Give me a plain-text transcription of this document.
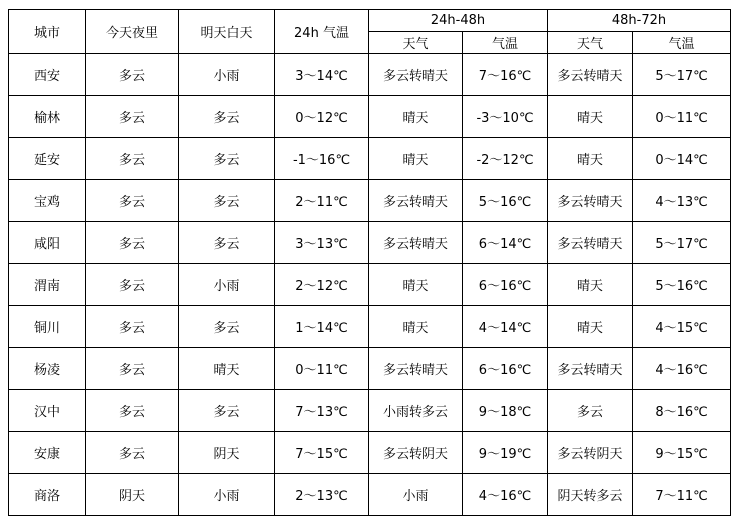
城市	今天夜里	明天白天	24h 气温	24h-48h		48h-72h	
				天气	气温	天气	气温
西安	多云	小雨	3～14℃	多云转晴天	7～16℃	多云转晴天	5～17℃
榆林	多云	多云	0～12℃	晴天	-3～10℃	晴天	0～11℃
延安	多云	多云	-1～16℃	晴天	-2～12℃	晴天	0～14℃
宝鸡	多云	多云	2～11℃	多云转晴天	5～16℃	多云转晴天	4～13℃
咸阳	多云	多云	3～13℃	多云转晴天	6～14℃	多云转晴天	5～17℃
渭南	多云	小雨	2～12℃	晴天	6～16℃	晴天	5～16℃
铜川	多云	多云	1～14℃	晴天	4～14℃	晴天	4～15℃
杨凌	多云	晴天	0～11℃	多云转晴天	6～16℃	多云转晴天	4～16℃
汉中	多云	多云	7～13℃	小雨转多云	9～18℃	多云	8～16℃
安康	多云	阴天	7～15℃	多云转阴天	9～19℃	多云转阴天	9～15℃
商洛	阴天	小雨	2～13℃	小雨	4～16℃	阴天转多云	7～11℃
